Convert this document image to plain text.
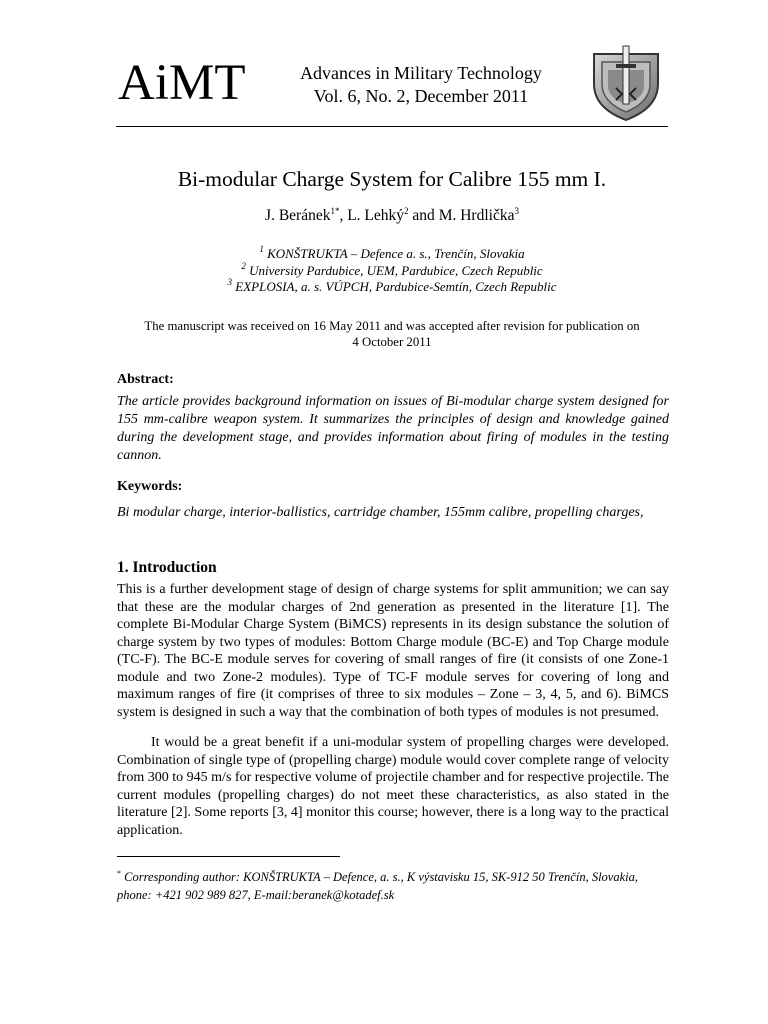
AiMT	Advances in Military Technology
Vol. 6, No. 2, December 2011
Bi-modular Charge System for Calibre 155 mm I.
J. Beránek$^{1*}$, L. Lehký$^2$ and M. Hrdlička$^3$
$^1$ KONŠTRUKTA – Defence a. s., Trenčín, Slovakia
$^2$ University Pardubice, UEM, Pardubice, Czech Republic
$^3$ EXPLOSIA, a. s. VÚPCH, Pardubice-Semtín, Czech Republic
The manuscript was received on 16 May 2011 and was accepted after revision for publication on
4 October 2011
Abstract:
The article provides background information on issues of Bi-modular charge system designed for 155 mm-calibre weapon system. It summarizes the principles of design and knowledge gained during the development stage, and provides information about firing of modules in the testing cannon.
Keywords:
Bi modular charge, interior-ballistics, cartridge chamber, 155mm calibre, propelling charges,
1. Introduction
This is a further development stage of design of charge systems for split ammunition; we can say that these are the modular charges of 2nd generation as presented in the literature [1]. The complete Bi-Modular Charge System (BiMCS) represents in its design substance the solution of charge system by two types of modules: Bottom Charge module (BC-E) and Top Charge module (TC-F). The BC-E module serves for covering of small ranges of fire (it consists of one Zone-1 module and two Zone-2 modules). Type of TC-F module serves for covering of long and maximum ranges of fire (it comprises of three to six modules – Zone – 3, 4, 5, and 6). BiMCS system is designed in such a way that the combination of both types of modules is not presumed.
It would be a great benefit if a uni-modular system of propelling charges were developed. Combination of single type of (propelling charge) module would cover complete range of velocity from 300 to 945 m/s for respective volume of projectile chamber and for respective projectile. The current modules (propelling charges) do not meet these characteristics, as also stated in the literature [2]. Some reports [3, 4] monitor this course; however, there is a long way to the practical application.
* Corresponding author: KONŠTRUKTA – Defence, a. s., K výstavisku 15, SK-912 50 Trenčín, Slovakia, phone: +421 902 989 827, E-mail:beranek@kotadef.sk
